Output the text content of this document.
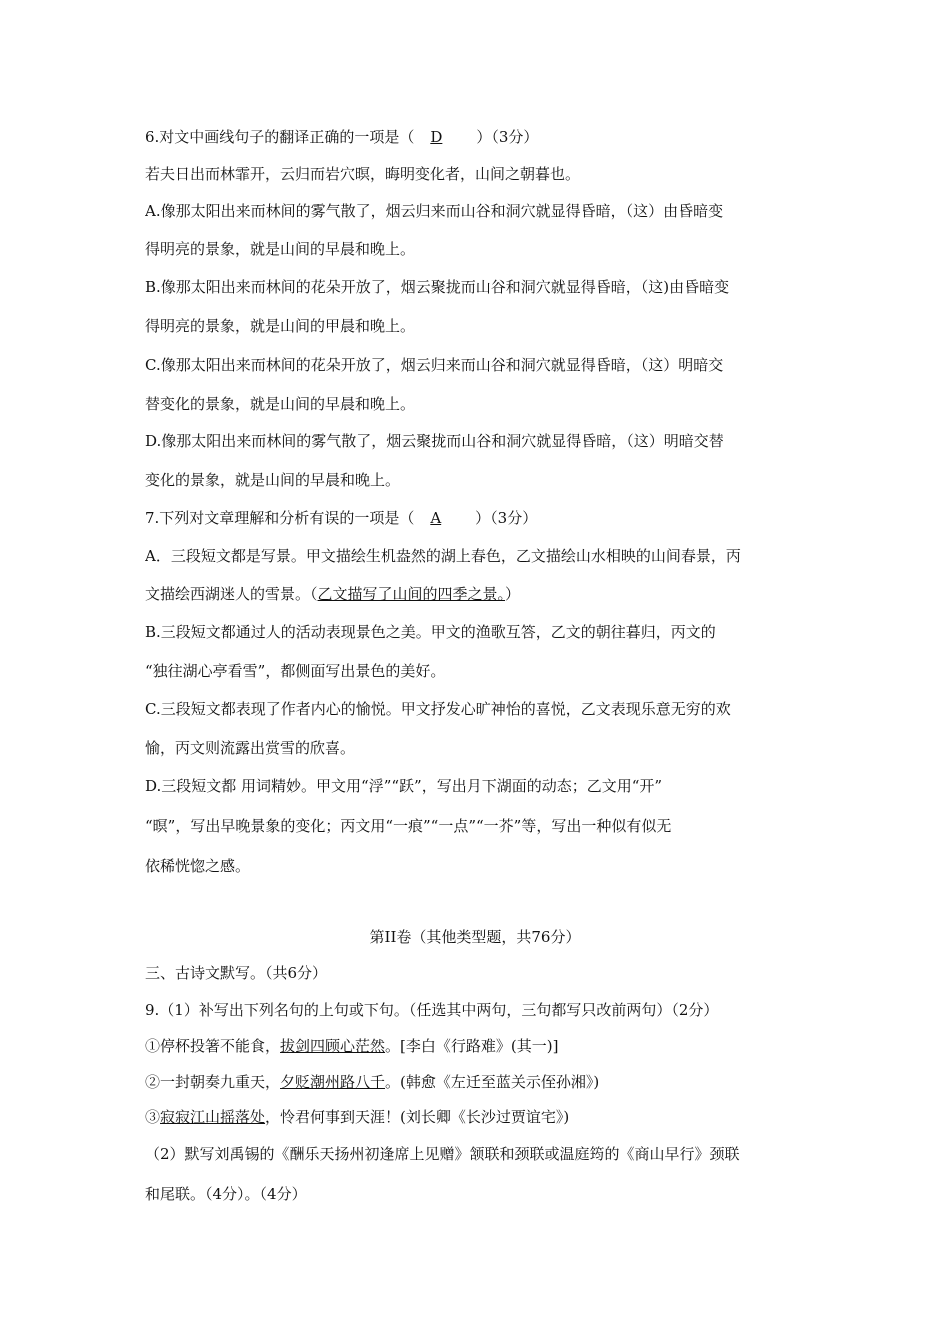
6.对文中画线句子的翻译正确的一项是（ D ）（3分）
若夫日出而林霏开，云归而岩穴暝，晦明变化者，山间之朝暮也。
A.像那太阳出来而林间的雾气散了，烟云归来而山谷和洞穴就显得昏暗，（这）由昏暗变
得明亮的景象，就是山间的早晨和晚上。
B.像那太阳出来而林间的花朵开放了，烟云聚拢而山谷和洞穴就显得昏暗，（这)由昏暗变
得明亮的景象，就是山间的甲晨和晚上。
C.像那太阳出来而林间的花朵开放了，烟云归来而山谷和洞穴就显得昏暗，（这）明暗交
替变化的景象，就是山间的早晨和晚上。
D.像那太阳出来而林间的雾气散了，烟云聚拢而山谷和洞穴就显得昏暗，（这）明暗交替
变化的景象，就是山间的早晨和晚上。
7.下列对文章理解和分析有误的一项是（ A ）（3分）
A．三段短文都是写景。甲文描绘生机盎然的湖上春色，乙文描绘山水相映的山间春景，丙
文描绘西湖迷人的雪景。（乙文描写了山间的四季之景。）
B.三段短文都通过人的活动表现景色之美。甲文的渔歌互答，乙文的朝往暮归，丙文的
“独往湖心亭看雪”，都侧面写出景色的美好。
C.三段短文都表现了作者内心的愉悦。甲文抒发心旷神怡的喜悦，乙文表现乐意无穷的欢
愉，丙文则流露出赏雪的欣喜。
D.三段短文都 用词精妙。甲文用“浮”“跃”，写出月下湖面的动态；乙文用“开”
“暝”，写出早晚景象的变化；丙文用“一痕”“一点”“一芥”等，写出一种似有似无
依稀恍惚之感。
第II卷（其他类型题，共76分）
三、古诗文默写。（共6分）
9.（1）补写出下列名句的上句或下句。（任选其中两句，三句都写只改前两句）（2分）
①停杯投箸不能食，拔剑四顾心茫然。[李白《行路难》(其一)]
②一封朝奏九重天，夕贬潮州路八千。(韩愈《左迁至蓝关示侄孙湘》)
③寂寂江山摇落处，怜君何事到天涯！(刘长卿《长沙过贾谊宅》)
（2）默写刘禹锡的《酬乐天扬州初逢席上见赠》颔联和颈联或温庭筠的《商山早行》颈联
和尾联。（4分）。（4分）
